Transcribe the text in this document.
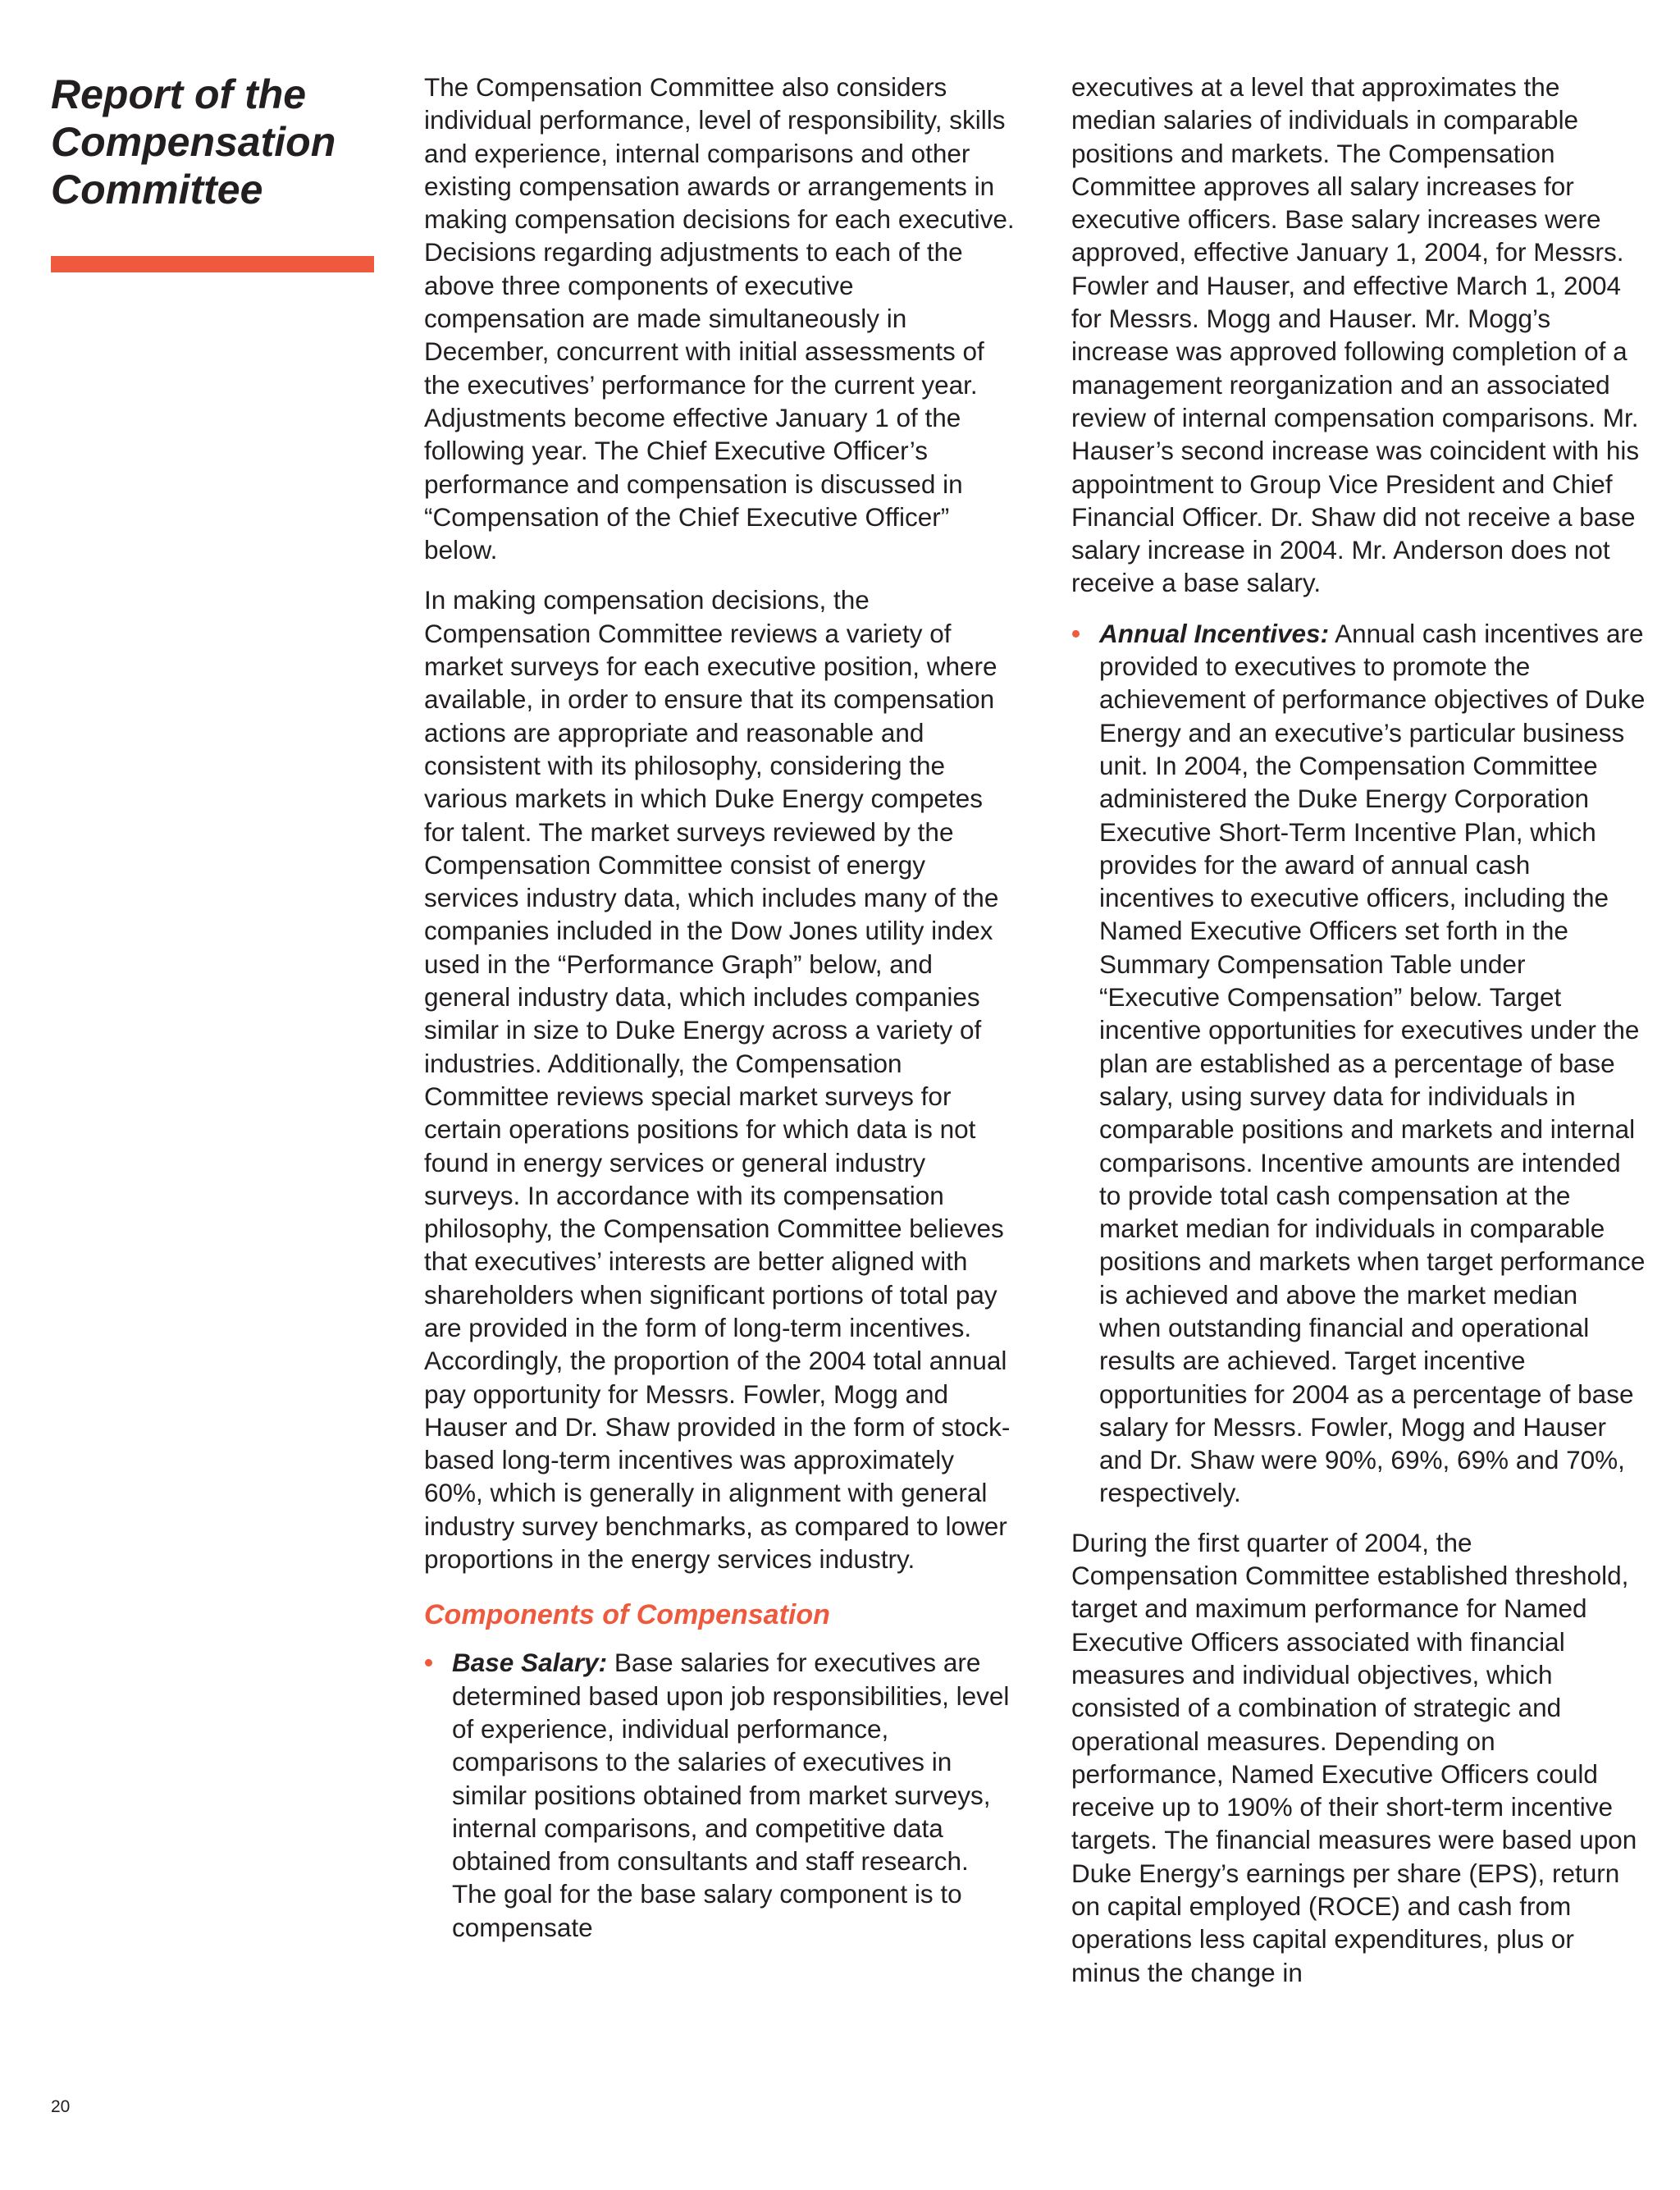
Report of the
Compensation
Committee

The Compensation Committee also considers individual performance, level of responsibility, skills and experience, internal comparisons and other existing compensation awards or arrangements in making compensation decisions for each executive. Decisions regarding adjustments to each of the above three components of executive compensation are made simultaneously in December, concurrent with initial assessments of the executives’ performance for the current year. Adjustments become effective January 1 of the following year. The Chief Executive Officer’s performance and compensation is discussed in “Compensation of the Chief Executive Officer” below.

In making compensation decisions, the Compensation Committee reviews a variety of market surveys for each executive position, where available, in order to ensure that its compensation actions are appropriate and reasonable and consistent with its philosophy, considering the various markets in which Duke Energy competes for talent. The market surveys reviewed by the Compensation Committee consist of energy services industry data, which includes many of the companies included in the Dow Jones utility index used in the “Performance Graph” below, and general industry data, which includes companies similar in size to Duke Energy across a variety of industries. Additionally, the Compensation Committee reviews special market surveys for certain operations positions for which data is not found in energy services or general industry surveys. In accordance with its compensation philosophy, the Compensation Committee believes that executives’ interests are better aligned with shareholders when significant portions of total pay are provided in the form of long-term incentives. Accordingly, the proportion of the 2004 total annual pay opportunity for Messrs. Fowler, Mogg and Hauser and Dr. Shaw provided in the form of stock-based long-term incentives was approximately 60%, which is generally in alignment with general industry survey benchmarks, as compared to lower proportions in the energy services industry.

Components of Compensation
• Base Salary: Base salaries for executives are determined based upon job responsibilities, level of experience, individual performance, comparisons to the salaries of executives in similar positions obtained from market surveys, internal comparisons, and competitive data obtained from consultants and staff research. The goal for the base salary component is to compensate

executives at a level that approximates the median salaries of individuals in comparable positions and markets. The Compensation Committee approves all salary increases for executive officers. Base salary increases were approved, effective January 1, 2004, for Messrs. Fowler and Hauser, and effective March 1, 2004 for Messrs. Mogg and Hauser. Mr. Mogg’s increase was approved following completion of a management reorganization and an associated review of internal compensation comparisons. Mr. Hauser’s second increase was coincident with his appointment to Group Vice President and Chief Financial Officer. Dr. Shaw did not receive a base salary increase in 2004. Mr. Anderson does not receive a base salary.

• Annual Incentives: Annual cash incentives are provided to executives to promote the achievement of performance objectives of Duke Energy and an executive’s particular business unit. In 2004, the Compensation Committee administered the Duke Energy Corporation Executive Short-Term Incentive Plan, which provides for the award of annual cash incentives to executive officers, including the Named Executive Officers set forth in the Summary Compensation Table under “Executive Compensation” below. Target incentive opportunities for executives under the plan are established as a percentage of base salary, using survey data for individuals in comparable positions and markets and internal comparisons. Incentive amounts are intended to provide total cash compensation at the market median for individuals in comparable positions and markets when target performance is achieved and above the market median when outstanding financial and operational results are achieved. Target incentive opportunities for 2004 as a percentage of base salary for Messrs. Fowler, Mogg and Hauser and Dr. Shaw were 90%, 69%, 69% and 70%, respectively.

During the first quarter of 2004, the Compensation Committee established threshold, target and maximum performance for Named Executive Officers associated with financial measures and individual objectives, which consisted of a combination of strategic and operational measures. Depending on performance, Named Executive Officers could receive up to 190% of their short-term incentive targets. The financial measures were based upon Duke Energy’s earnings per share (EPS), return on capital employed (ROCE) and cash from operations less capital expenditures, plus or minus the change in

20
